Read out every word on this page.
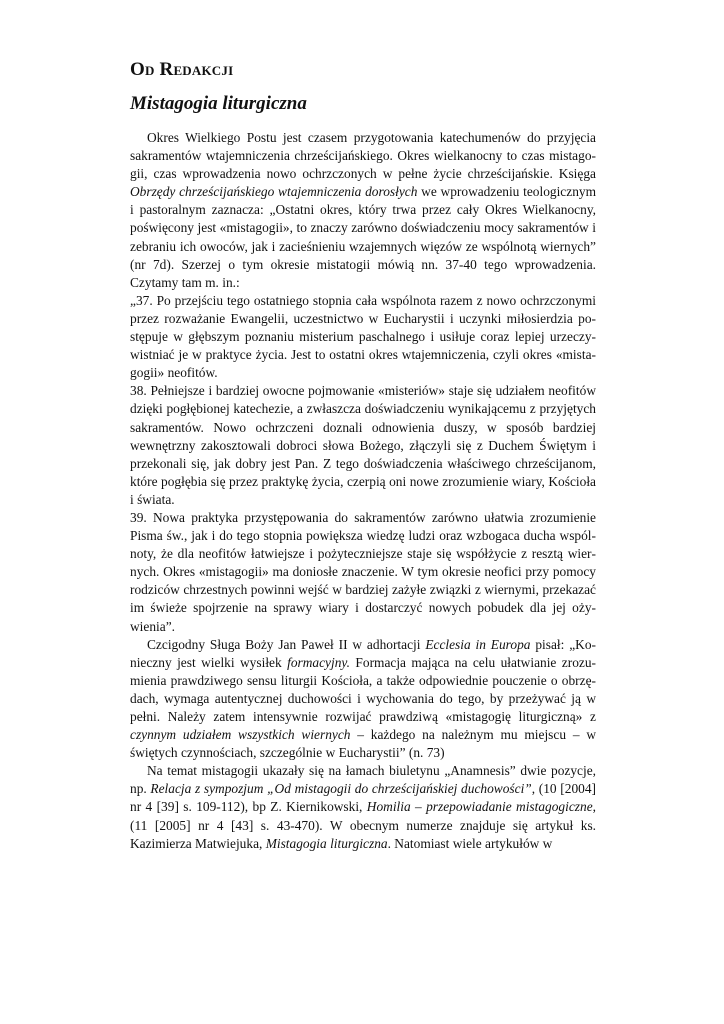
Od Redakcji
Mistagogia liturgiczna

Okres Wielkiego Postu jest czasem przygotowania katechumenów do przyjęcia sakramentów wtajemniczenia chrześcijańskiego. Okres wielkanocny to czas mistagogii, czas wprowadzenia nowo ochrzczonych w pełne życie chrześcijańskie. Księga Obrzędy chrześcijańskiego wtajemniczenia dorosłych we wprowadzeniu teologicznym i pastoralnym zaznacza: „Ostatni okres, który trwa przez cały Okres Wielkanocny, poświęcony jest «mistagogii», to znaczy zarówno doświadczeniu mocy sakramentów i zebraniu ich owoców, jak i zacieśnieniu wzajemnych więzów ze wspólnotą wiernych” (nr 7d). Szerzej o tym okresie mistatogii mówią nn. 37-40 tego wprowadzenia. Czytamy tam m. in.:

„37. Po przejściu tego ostatniego stopnia cała wspólnota razem z nowo ochrzczonymi przez rozważanie Ewangelii, uczestnictwo w Eucharystii i uczynki miłosierdzia postępuje w głębszym poznaniu misterium paschalnego i usiłuje coraz lepiej urzeczywistniać je w praktyce życia. Jest to ostatni okres wtajemniczenia, czyli okres «mistagogii» neofitów.

38. Pełniejsze i bardziej owocne pojmowanie «misteriów» staje się udziałem neofitów dzięki pogłębionej katechezie, a zwłaszcza doświadczeniu wynikającemu z przyjętych sakramentów. Nowo ochrzczeni doznali odnowienia duszy, w sposób bardziej wewnętrzny zakosztowali dobroci słowa Bożego, złączyli się z Duchem Świętym i przekonali się, jak dobry jest Pan. Z tego doświadczenia właściwego chrześcijanom, które pogłębia się przez praktykę życia, czerpią oni nowe zrozumienie wiary, Kościoła i świata.

39. Nowa praktyka przystępowania do sakramentów zarówno ułatwia zrozumienie Pisma św., jak i do tego stopnia powiększa wiedzę ludzi oraz wzbogaca ducha wspólnoty, że dla neofitów łatwiejsze i pożyteczniejsze staje się współżycie z resztą wiernych. Okres «mistagogii» ma doniosłe znaczenie. W tym okresie neofici przy pomocy rodziców chrzestnych powinni wejść w bardziej zażyłe związki z wiernymi, przekazać im świeże spojrzenie na sprawy wiary i dostarczyć nowych pobudek dla jej ożywienia”.

Czcigodny Sługa Boży Jan Paweł II w adhortacji Ecclesia in Europa pisał: „Konieczny jest wielki wysiłek formacyjny. Formacja mająca na celu ułatwianie zrozumienia prawdziwego sensu liturgii Kościoła, a także odpowiednie pouczenie o obrzędach, wymaga autentycznej duchowości i wychowania do tego, by przeżywać ją w pełni. Należy zatem intensywnie rozwijać prawdziwą «mistagogię liturgiczną» z czynnym udziałem wszystkich wiernych – każdego na należnym mu miejscu – w świętych czynnościach, szczególnie w Eucharystii” (n. 73)

Na temat mistagogii ukazały się na łamach biuletynu „Anamnesis” dwie pozycje, np. Relacja z sympozjum „Od mistagogii do chrześcijańskiej duchowości”, (10 [2004] nr 4 [39] s. 109-112), bp Z. Kiernikowski, Homilia – przepowiadanie mistagogiczne, (11 [2005] nr 4 [43] s. 43-470). W obecnym numerze znajduje się artykuł ks. Kazimierza Matwiejuka, Mistagogia liturgiczna. Natomiast wiele artykułów w
